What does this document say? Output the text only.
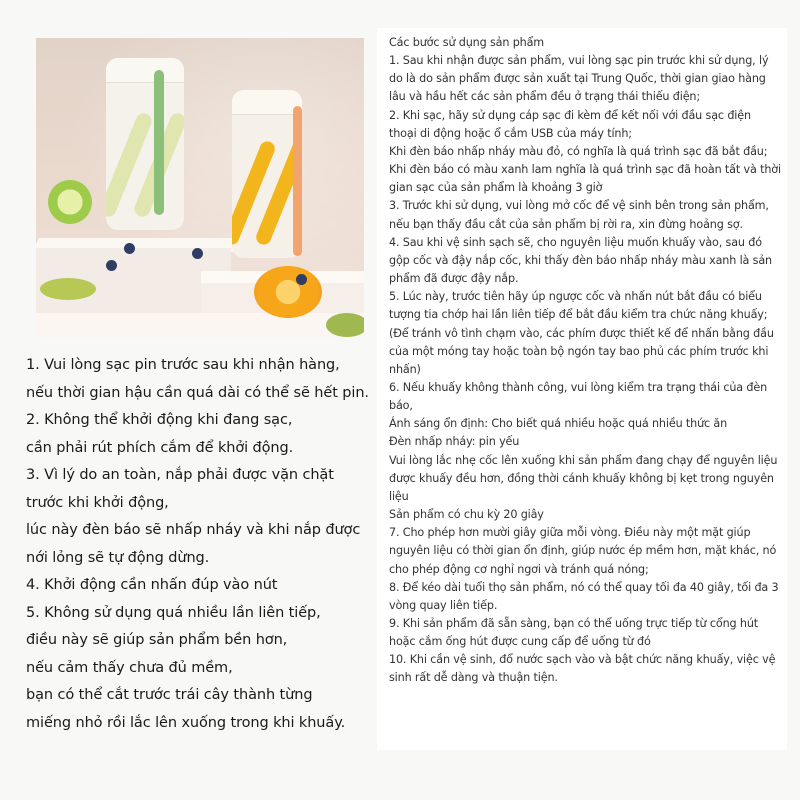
1. Vui lòng sạc pin trước sau khi nhận hàng,
nếu thời gian hậu cần quá dài có thể sẽ hết pin.
2. Không thể khởi động khi đang sạc,
cần phải rút phích cắm để khởi động.
3. Vì lý do an toàn, nắp phải được vặn chặt
trước khi khởi động,
lúc này đèn báo sẽ nhấp nháy và khi nắp được
nới lỏng sẽ tự động dừng.
4. Khởi động cần nhấn đúp vào nút
5. Không sử dụng quá nhiều lần liên tiếp,
điều này sẽ giúp sản phẩm bền hơn,
nếu cảm thấy chưa đủ mềm,
bạn có thể cắt trước trái cây thành từng
miếng nhỏ rồi lắc lên xuống trong khi khuấy.
Các bước sử dụng sản phẩm
1. Sau khi nhận được sản phẩm, vui lòng sạc pin trước khi sử dụng, lý
do là do sản phẩm được sản xuất tại Trung Quốc, thời gian giao hàng
lâu và hầu hết các sản phẩm đều ở trạng thái thiếu điện;
2. Khi sạc, hãy sử dụng cáp sạc đi kèm để kết nối với đầu sạc điện
thoại di động hoặc ổ cắm USB của máy tính;
Khi đèn báo nhấp nháy màu đỏ, có nghĩa là quá trình sạc đã bắt đầu;
Khi đèn báo có màu xanh lam nghĩa là quá trình sạc đã hoàn tất và thời
gian sạc của sản phẩm là khoảng 3 giờ
3. Trước khi sử dụng, vui lòng mở cốc để vệ sinh bên trong sản phẩm,
nếu bạn thấy đầu cắt của sản phẩm bị rời ra, xin đừng hoảng sợ.
4. Sau khi vệ sinh sạch sẽ, cho nguyên liệu muốn khuấy vào, sau đó
gộp cốc và đậy nắp cốc, khi thấy đèn báo nhấp nháy màu xanh là sản
phẩm đã được đậy nắp.
5. Lúc này, trước tiên hãy úp ngược cốc và nhấn nút bắt đầu có biểu
tượng tia chớp hai lần liên tiếp để bắt đầu kiểm tra chức năng khuấy;
(Để tránh vô tình chạm vào, các phím được thiết kế để nhấn bằng đầu
của một móng tay hoặc toàn bộ ngón tay bao phủ các phím trước khi
nhấn)
6. Nếu khuấy không thành công, vui lòng kiểm tra trạng thái của đèn
báo,
Ánh sáng ổn định: Cho biết quá nhiều hoặc quá nhiều thức ăn
Đèn nhấp nháy: pin yếu
Vui lòng lắc nhẹ cốc lên xuống khi sản phẩm đang chạy để nguyên liệu
được khuấy đều hơn, đồng thời cánh khuấy không bị kẹt trong nguyên
liệu
Sản phẩm có chu kỳ 20 giây
7. Cho phép hơn mười giây giữa mỗi vòng. Điều này một mặt giúp
nguyên liệu có thời gian ổn định, giúp nước ép mềm hơn, mặt khác, nó
cho phép động cơ nghỉ ngơi và tránh quá nóng;
8. Để kéo dài tuổi thọ sản phẩm, nó có thể quay tối đa 40 giây, tối đa 3
vòng quay liên tiếp.
9. Khi sản phẩm đã sẵn sàng, bạn có thể uống trực tiếp từ cổng hút
hoặc cắm ống hút được cung cấp để uống từ đó
10. Khi cần vệ sinh, đổ nước sạch vào và bật chức năng khuấy, việc vệ
sinh rất dễ dàng và thuận tiện.
